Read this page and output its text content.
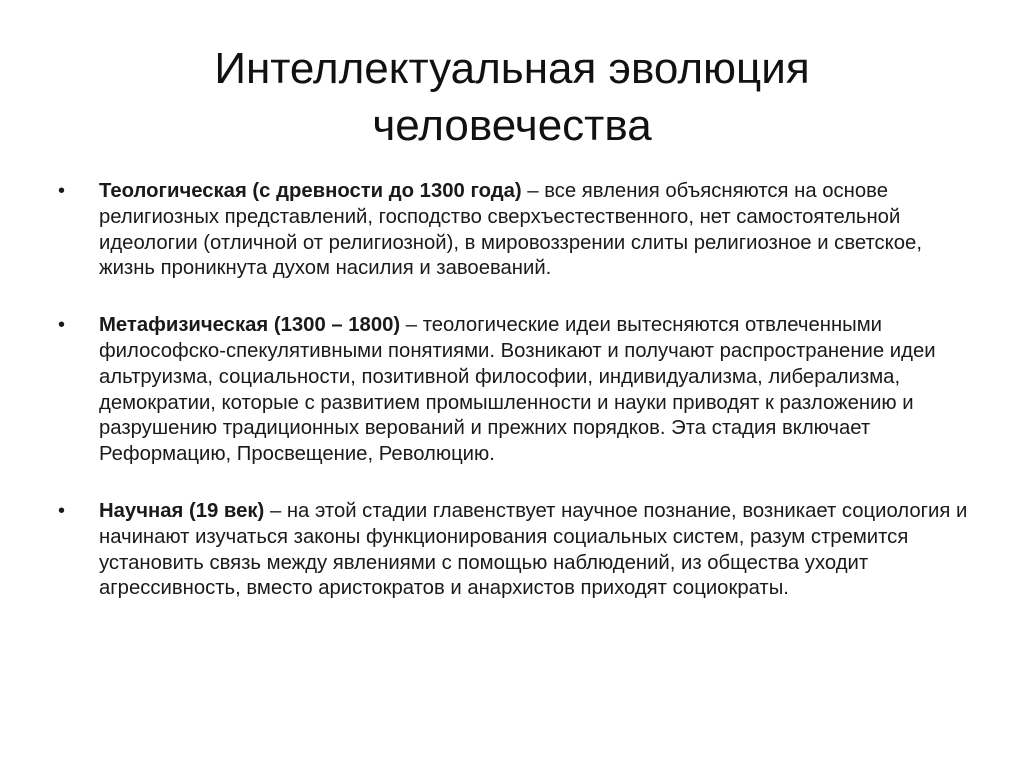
Интеллектуальная эволюция
человечества
•	Теологическая (с древности до 1300 года) – все явления объясняются на основе религиозных представлений, господство сверхъестественного, нет самостоятельной идеологии (отличной от религиозной), в мировоззрении слиты религиозное и светское, жизнь проникнута духом насилия и завоеваний.
•	Метафизическая (1300 – 1800) – теологические идеи вытесняются отвлеченными философско-спекулятивными понятиями. Возникают и получают распространение идеи альтруизма, социальности, позитивной философии, индивидуализма, либерализма, демократии, которые с развитием промышленности и науки приводят к разложению и разрушению традиционных верований и прежних порядков. Эта стадия включает Реформацию, Просвещение, Революцию.
•	Научная (19 век) – на этой стадии главенствует научное познание, возникает социология и начинают изучаться законы функционирования социальных систем, разум стремится установить связь между явлениями с помощью наблюдений, из общества уходит агрессивность, вместо аристократов и анархистов приходят социократы.
